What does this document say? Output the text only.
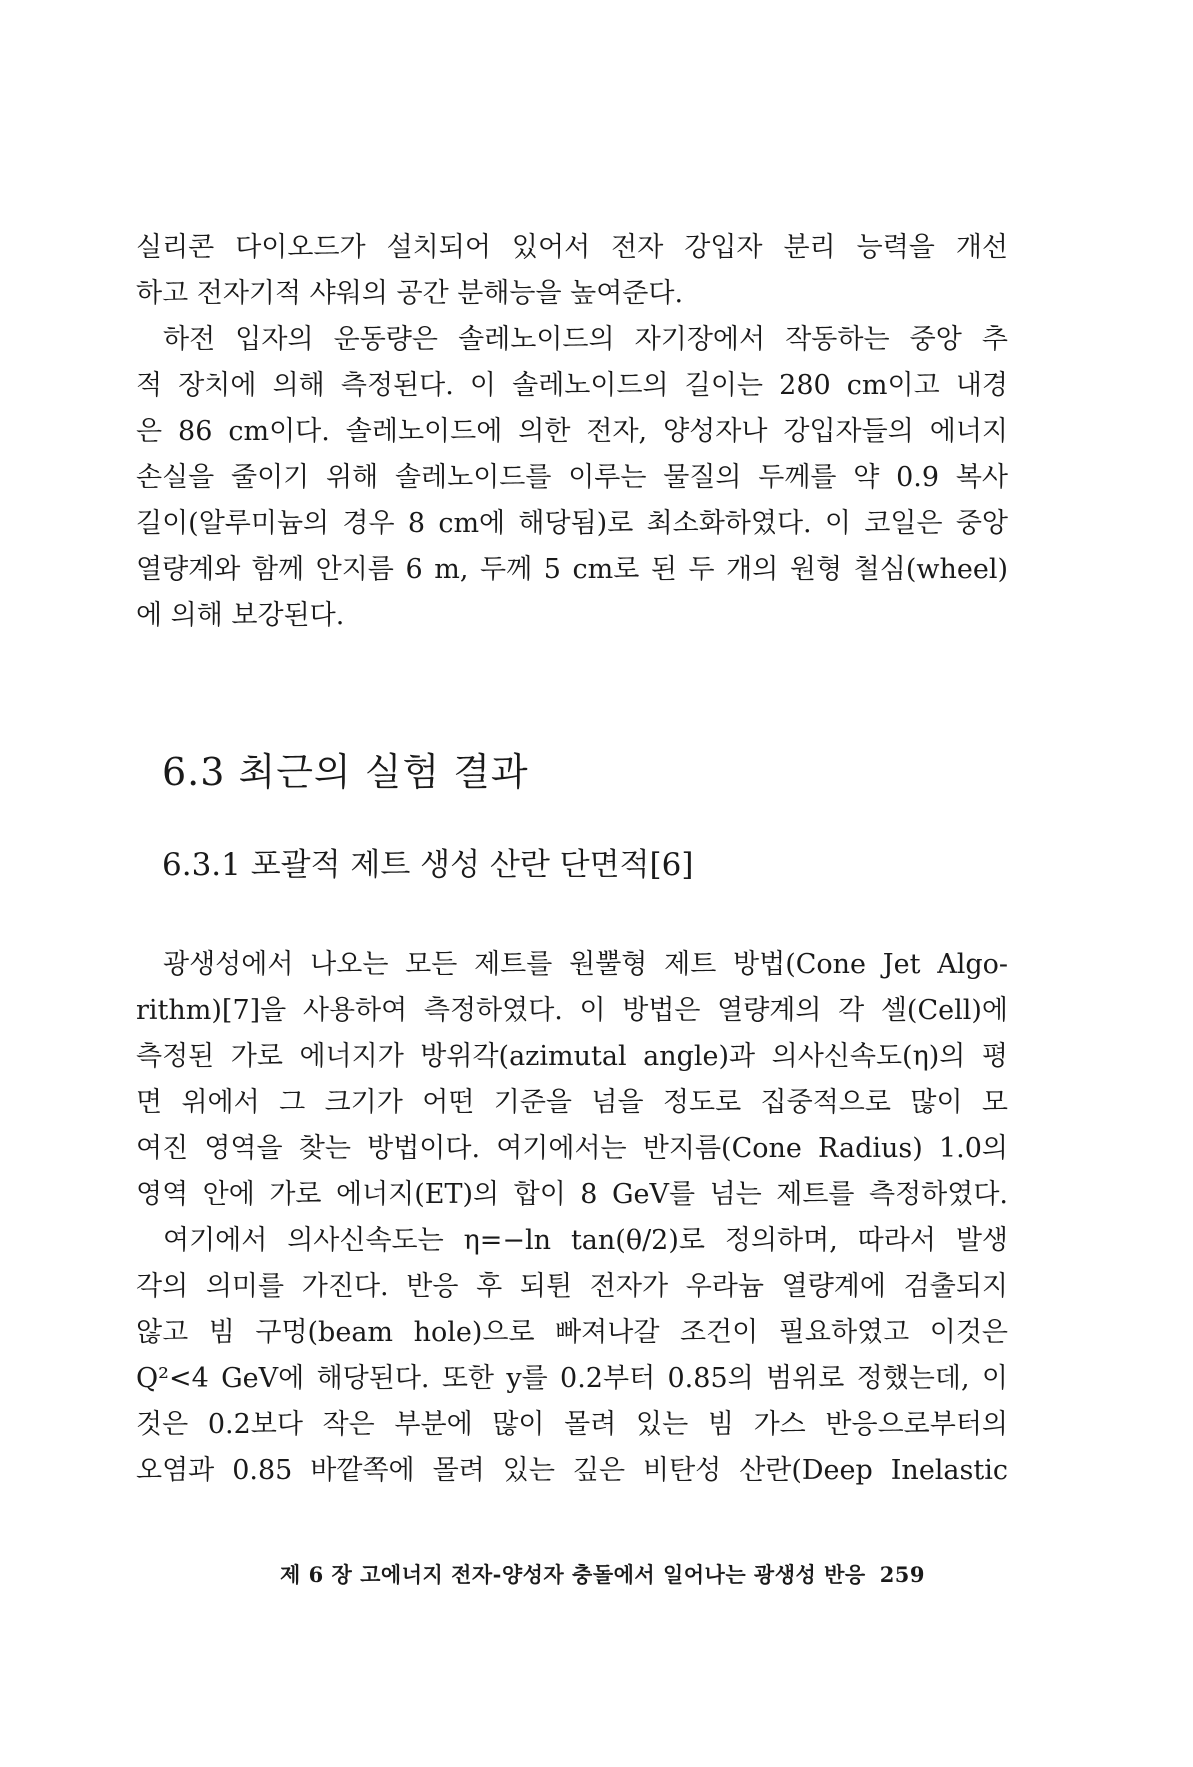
실리콘 다이오드가 설치되어 있어서 전자 강입자 분리 능력을 개선

하고 전자기적 샤워의 공간 분해능을 높여준다.

하전 입자의 운동량은 솔레노이드의 자기장에서 작동하는 중앙 추

적 장치에 의해 측정된다. 이 솔레노이드의 길이는 280 cm이고 내경

은 86 cm이다. 솔레노이드에 의한 전자, 양성자나 강입자들의 에너지

손실을 줄이기 위해 솔레노이드를 이루는 물질의 두께를 약 0.9 복사

길이(알루미늄의 경우 8 cm에 해당됨)로 최소화하였다. 이 코일은 중앙

열량계와 함께 안지름 6 m, 두께 5 cm로 된 두 개의 원형 철심(wheel)

에 의해 보강된다.

6.3 최근의 실험 결과
6.3.1 포괄적 제트 생성 산란 단면적[6]

광생성에서 나오는 모든 제트를 원뿔형 제트 방법(Cone Jet Algo-

rithm)[7]을 사용하여 측정하였다. 이 방법은 열량계의 각 셀(Cell)에

측정된 가로 에너지가 방위각(azimutal angle)과 의사신속도(η)의 평

면 위에서 그 크기가 어떤 기준을 넘을 정도로 집중적으로 많이 모

여진 영역을 찾는 방법이다. 여기에서는 반지름(Cone Radius) 1.0의

영역 안에 가로 에너지(ET)의 합이 8 GeV를 넘는 제트를 측정하였다.

여기에서 의사신속도는 η=−ln tan(θ/2)로 정의하며, 따라서 발생

각의 의미를 가진다. 반응 후 되튄 전자가 우라늄 열량계에 검출되지

않고 빔 구멍(beam hole)으로 빠져나갈 조건이 필요하였고 이것은

Q²<4 GeV에 해당된다. 또한 y를 0.2부터 0.85의 범위로 정했는데, 이

것은 0.2보다 작은 부분에 많이 몰려 있는 빔 가스 반응으로부터의

오염과 0.85 바깥쪽에 몰려 있는 깊은 비탄성 산란(Deep Inelastic

제 6 장 고에너지 전자-양성자 충돌에서 일어나는 광생성 반응 259
